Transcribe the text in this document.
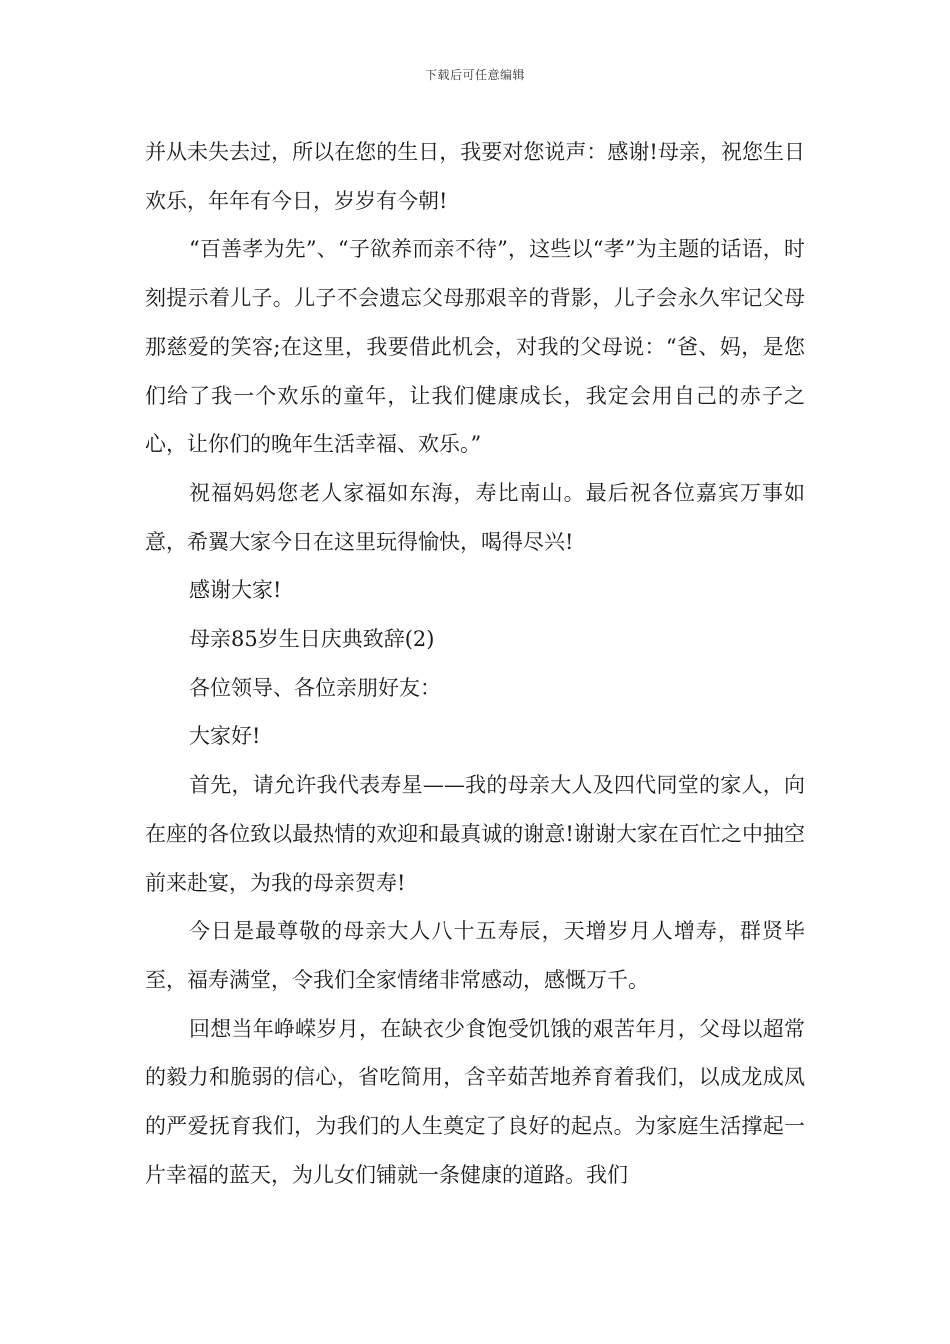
下载后可任意编辑

并从未失去过，所以在您的生日，我要对您说声：感谢!母亲，祝您生日欢乐，年年有今日，岁岁有今朝!

“百善孝为先”、“子欲养而亲不待”，这些以“孝”为主题的话语，时刻提示着儿子。儿子不会遗忘父母那艰辛的背影，儿子会永久牢记父母那慈爱的笑容;在这里，我要借此机会，对我的父母说：“爸、妈，是您们给了我一个欢乐的童年，让我们健康成长，我定会用自己的赤子之心，让你们的晚年生活幸福、欢乐。”

祝福妈妈您老人家福如东海，寿比南山。最后祝各位嘉宾万事如意，希翼大家今日在这里玩得愉快，喝得尽兴!

感谢大家!

母亲85岁生日庆典致辞(2)

各位领导、各位亲朋好友：

大家好!

首先，请允许我代表寿星——我的母亲大人及四代同堂的家人，向在座的各位致以最热情的欢迎和最真诚的谢意!谢谢大家在百忙之中抽空前来赴宴，为我的母亲贺寿!

今日是最尊敬的母亲大人八十五寿辰，天增岁月人增寿，群贤毕至，福寿满堂，令我们全家情绪非常感动，感慨万千。

回想当年峥嵘岁月，在缺衣少食饱受饥饿的艰苦年月，父母以超常的毅力和脆弱的信心，省吃简用，含辛茹苦地养育着我们，以成龙成凤的严爱抚育我们，为我们的人生奠定了良好的起点。为家庭生活撑起一片幸福的蓝天，为儿女们铺就一条健康的道路。我们
